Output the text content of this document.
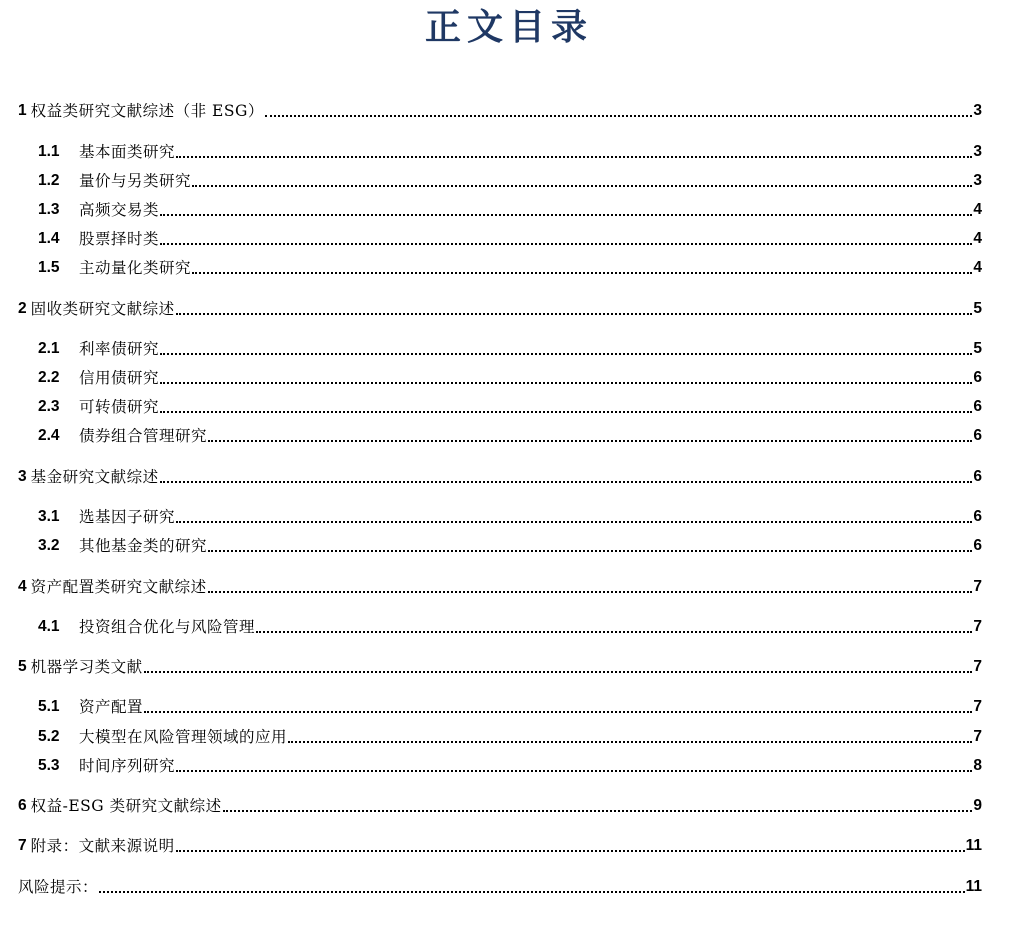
正文目录
1 权益类研究文献综述（非 ESG）	3
1.1	基本面类研究	3
1.2	量价与另类研究	3
1.3	高频交易类	4
1.4	股票择时类	4
1.5	主动量化类研究	4
2 固收类研究文献综述	5
2.1	利率债研究	5
2.2	信用债研究	6
2.3	可转债研究	6
2.4	债券组合管理研究	6
3 基金研究文献综述	6
3.1	选基因子研究	6
3.2	其他基金类的研究	6
4 资产配置类研究文献综述	7
4.1	投资组合优化与风险管理	7
5 机器学习类文献	7
5.1	资产配置	7
5.2	大模型在风险管理领域的应用	7
5.3	时间序列研究	8
6 权益-ESG 类研究文献综述	9
7 附录：文献来源说明	11
风险提示：	11
